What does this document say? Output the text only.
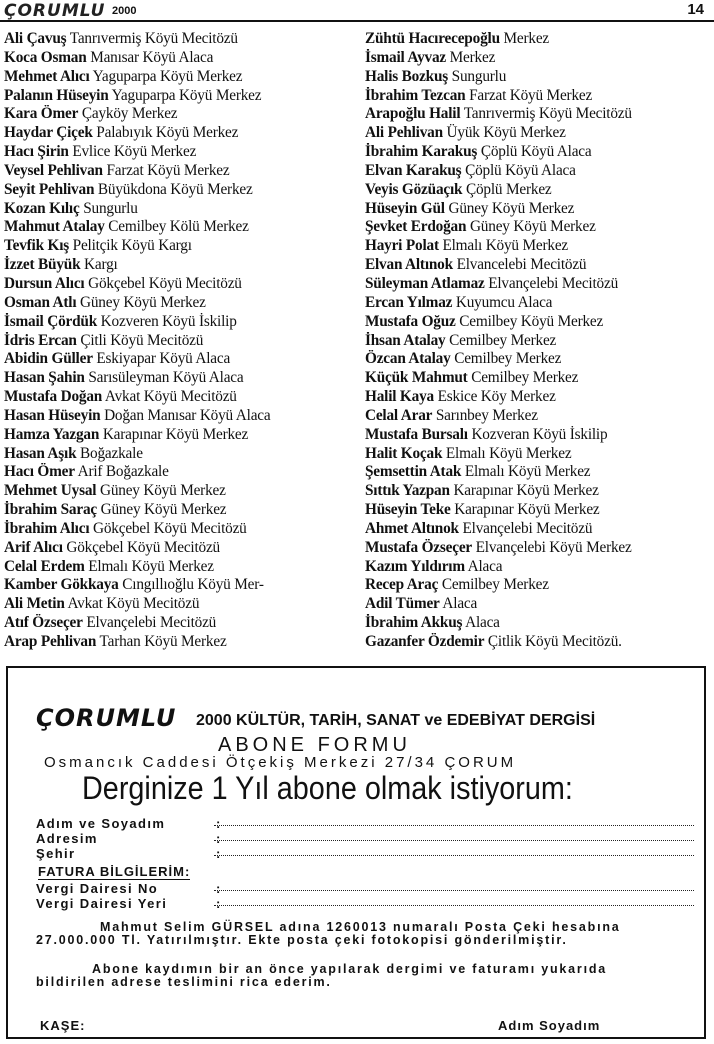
ÇORUMLU 2000	14
Ali Çavuş Tanrıvermiş Köyü Mecitözü
Koca Osman Manısar Köyü Alaca
Mehmet Alıcı Yaguparpa Köyü Merkez
Palanın Hüseyin Yaguparpa Köyü Merkez
Kara Ömer Çayköy Merkez
Haydar Çiçek Palabıyık Köyü Merkez
Hacı Şirin Evlice Köyü Merkez
Veysel Pehlivan Farzat Köyü Merkez
Seyit Pehlivan Büyükdona Köyü Merkez
Kozan Kılıç Sungurlu
Mahmut Atalay Cemilbey Kölü Merkez
Tevfik Kış Pelitçik Köyü Kargı
İzzet Büyük Kargı
Dursun Alıcı Gökçebel Köyü Mecitözü
Osman Atlı Güney Köyü Merkez
İsmail Çördük Kozveren Köyü İskilip
İdris Ercan Çitli Köyü Mecitözü
Abidin Güller Eskiyapar Köyü Alaca
Hasan Şahin Sarısüleyman Köyü Alaca
Mustafa Doğan Avkat Köyü Mecitözü
Hasan Hüseyin Doğan Manısar Köyü Alaca
Hamza Yazgan Karapınar Köyü Merkez
Hasan Aşık Boğazkale
Hacı Ömer Arif Boğazkale
Mehmet Uysal Güney Köyü Merkez
İbrahim Saraç Güney Köyü Merkez
İbrahim Alıcı Gökçebel Köyü Mecitözü
Arif Alıcı Gökçebel Köyü Mecitözü
Celal Erdem Elmalı Köyü Merkez
Kamber Gökkaya Cıngıllıoğlu Köyü Mer-
Ali Metin Avkat Köyü Mecitözü
Atıf Özseçer Elvançelebi Mecitözü
Arap Pehlivan Tarhan Köyü Merkez
Zühtü Hacırecepoğlu Merkez
İsmail Ayvaz Merkez
Halis Bozkuş Sungurlu
İbrahim Tezcan Farzat Köyü Merkez
Arapoğlu Halil Tanrıvermiş Köyü Mecitözü
Ali Pehlivan Üyük Köyü Merkez
İbrahim Karakuş Çöplü Köyü Alaca
Elvan Karakuş Çöplü Köyü Alaca
Veyis Gözüaçık Çöplü Merkez
Hüseyin Gül Güney Köyü Merkez
Şevket Erdoğan Güney Köyü Merkez
Hayri Polat Elmalı Köyü Merkez
Elvan Altınok Elvancelebi Mecitözü
Süleyman Atlamaz Elvançelebi Mecitözü
Ercan Yılmaz Kuyumcu Alaca
Mustafa Oğuz Cemilbey Köyü Merkez
İhsan Atalay Cemilbey Merkez
Özcan Atalay Cemilbey Merkez
Küçük Mahmut Cemilbey Merkez
Halil Kaya Eskice Köy Merkez
Celal Arar Sarınbey Merkez
Mustafa Bursalı Kozveran Köyü İskilip
Halit Koçak Elmalı Köyü Merkez
Şemsettin Atak Elmalı Köyü Merkez
Sıttık Yazpan Karapınar Köyü Merkez
Hüseyin Teke Karapınar Köyü Merkez
Ahmet Altınok Elvançelebi Mecitözü
Mustafa Özseçer Elvançelebi Köyü Merkez
Kazım Yıldırım Alaca
Recep Araç Cemilbey Merkez
Adil Tümer Alaca
İbrahim Akkuş Alaca
Gazanfer Özdemir Çitlik Köyü Mecitözü.
ÇORUMLU 2000 KÜLTÜR, TARİH, SANAT ve EDEBİYAT DERGİSİ
ABONE FORMU
Osmancık Caddesi Ötçekiş Merkezi 27/34 ÇORUM
Derginize 1 Yıl abone olmak istiyorum:
Adım ve Soyadım	:
Adresim	:
Şehir	:
FATURA BİLGİLERİM:
Vergi Dairesi No	:
Vergi Dairesi Yeri	:
Mahmut Selim GÜRSEL adına 1260013 numaralı Posta Çeki hesabına 27.000.000 Tl. Yatırılmıştır. Ekte posta çeki fotokopisi gönderilmiştir.
Abone kaydımın bir an önce yapılarak dergimi ve faturamı yukarıda bildirilen adrese teslimini rica ederim.
KAŞE:	Adım Soyadım
